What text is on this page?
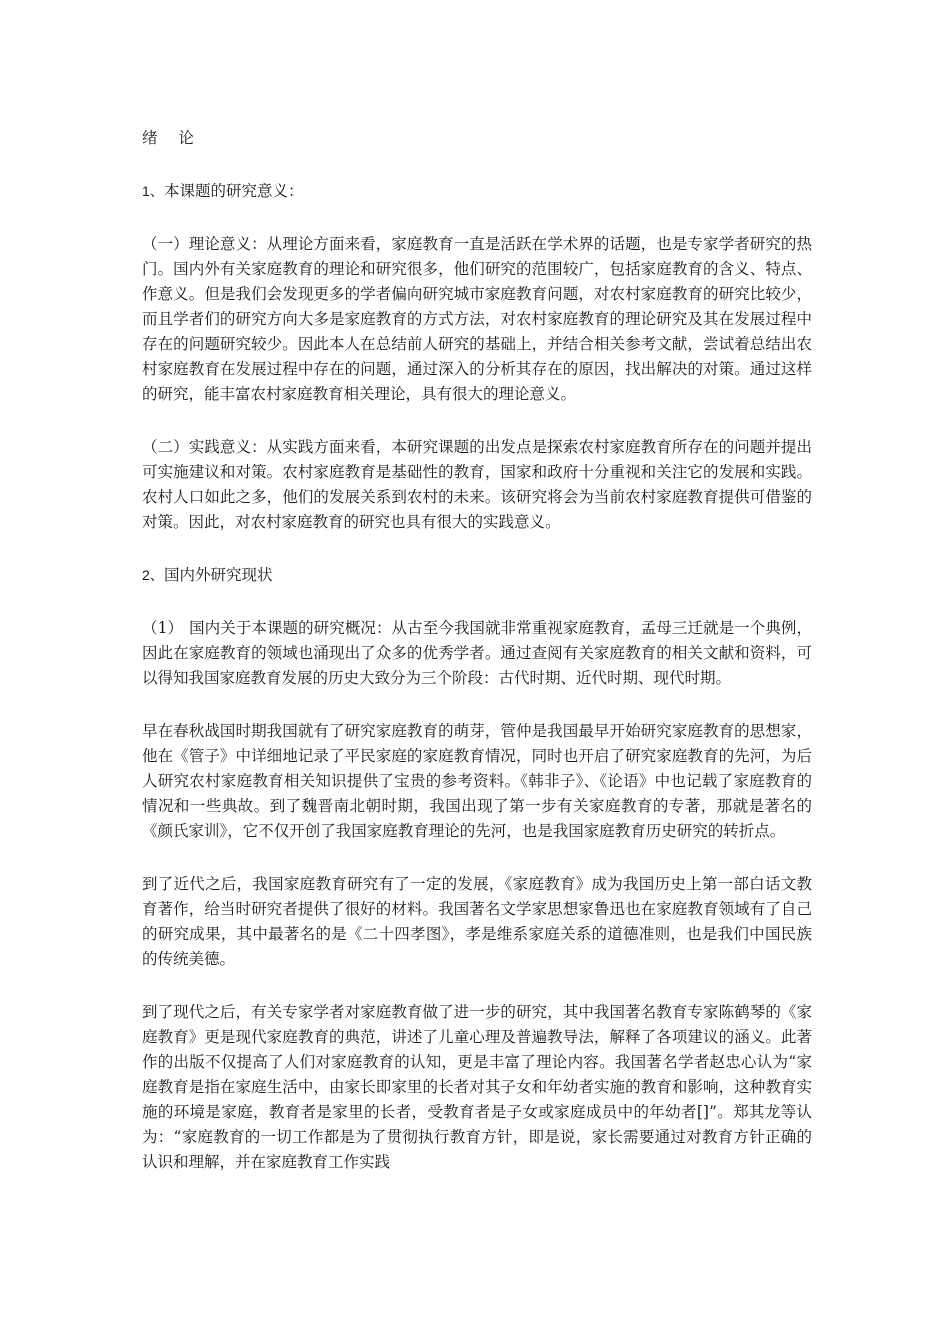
绪 论

1、本课题的研究意义：

（一）理论意义：从理论方面来看，家庭教育一直是活跃在学术界的话题，也是专家学者研究的热门。国内外有关家庭教育的理论和研究很多，他们研究的范围较广，包括家庭教育的含义、特点、作意义。但是我们会发现更多的学者偏向研究城市家庭教育问题，对农村家庭教育的研究比较少，而且学者们的研究方向大多是家庭教育的方式方法，对农村家庭教育的理论研究及其在发展过程中存在的问题研究较少。因此本人在总结前人研究的基础上，并结合相关参考文献，尝试着总结出农村家庭教育在发展过程中存在的问题，通过深入的分析其存在的原因，找出解决的对策。通过这样的研究，能丰富农村家庭教育相关理论，具有很大的理论意义。

（二）实践意义：从实践方面来看，本研究课题的出发点是探索农村家庭教育所存在的问题并提出可实施建议和对策。农村家庭教育是基础性的教育，国家和政府十分重视和关注它的发展和实践。农村人口如此之多，他们的发展关系到农村的未来。该研究将会为当前农村家庭教育提供可借鉴的对策。因此，对农村家庭教育的研究也具有很大的实践意义。

2、国内外研究现状

（1） 国内关于本课题的研究概况：从古至今我国就非常重视家庭教育，孟母三迁就是一个典例，因此在家庭教育的领域也涌现出了众多的优秀学者。通过查阅有关家庭教育的相关文献和资料，可以得知我国家庭教育发展的历史大致分为三个阶段：古代时期、近代时期、现代时期。

早在春秋战国时期我国就有了研究家庭教育的萌芽，管仲是我国最早开始研究家庭教育的思想家，他在《管子》中详细地记录了平民家庭的家庭教育情况，同时也开启了研究家庭教育的先河，为后人研究农村家庭教育相关知识提供了宝贵的参考资料。《韩非子》、《论语》中也记载了家庭教育的情况和一些典故。到了魏晋南北朝时期，我国出现了第一步有关家庭教育的专著，那就是著名的《颜氏家训》，它不仅开创了我国家庭教育理论的先河，也是我国家庭教育历史研究的转折点。

到了近代之后，我国家庭教育研究有了一定的发展，《家庭教育》成为我国历史上第一部白话文教育著作，给当时研究者提供了很好的材料。我国著名文学家思想家鲁迅也在家庭教育领域有了自己的研究成果，其中最著名的是《二十四孝图》，孝是维系家庭关系的道德准则，也是我们中国民族的传统美德。

到了现代之后，有关专家学者对家庭教育做了进一步的研究，其中我国著名教育专家陈鹤琴的《家庭教育》更是现代家庭教育的典范，讲述了儿童心理及普遍教导法，解释了各项建议的涵义。此著作的出版不仅提高了人们对家庭教育的认知，更是丰富了理论内容。我国著名学者赵忠心认为“家庭教育是指在家庭生活中，由家长即家里的长者对其子女和年幼者实施的教育和影响，这种教育实施的环境是家庭，教育者是家里的长者，受教育者是子女或家庭成员中的年幼者[]”。郑其龙等认为：“家庭教育的一切工作都是为了贯彻执行教育方针，即是说，家长需要通过对教育方针正确的认识和理解，并在家庭教育工作实践
